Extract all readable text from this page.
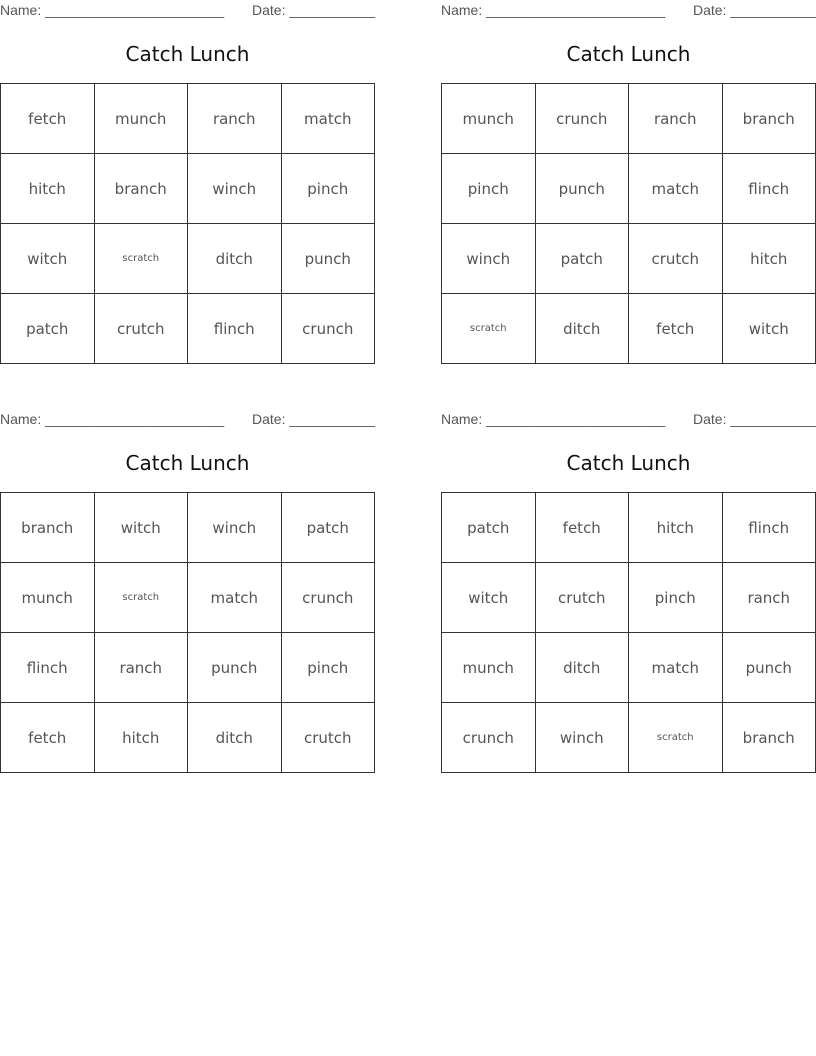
Name: _______________________ Date: ___________
Catch Lunch
fetch	munch	ranch	match
hitch	branch	winch	pinch
witch	scratch	ditch	punch
patch	crutch	flinch	crunch
Name: _______________________ Date: ___________
Catch Lunch
munch	crunch	ranch	branch
pinch	punch	match	flinch
winch	patch	crutch	hitch
scratch	ditch	fetch	witch
Name: _______________________ Date: ___________
Catch Lunch
branch	witch	winch	patch
munch	scratch	match	crunch
flinch	ranch	punch	pinch
fetch	hitch	ditch	crutch
Name: _______________________ Date: ___________
Catch Lunch
patch	fetch	hitch	flinch
witch	crutch	pinch	ranch
munch	ditch	match	punch
crunch	winch	scratch	branch
